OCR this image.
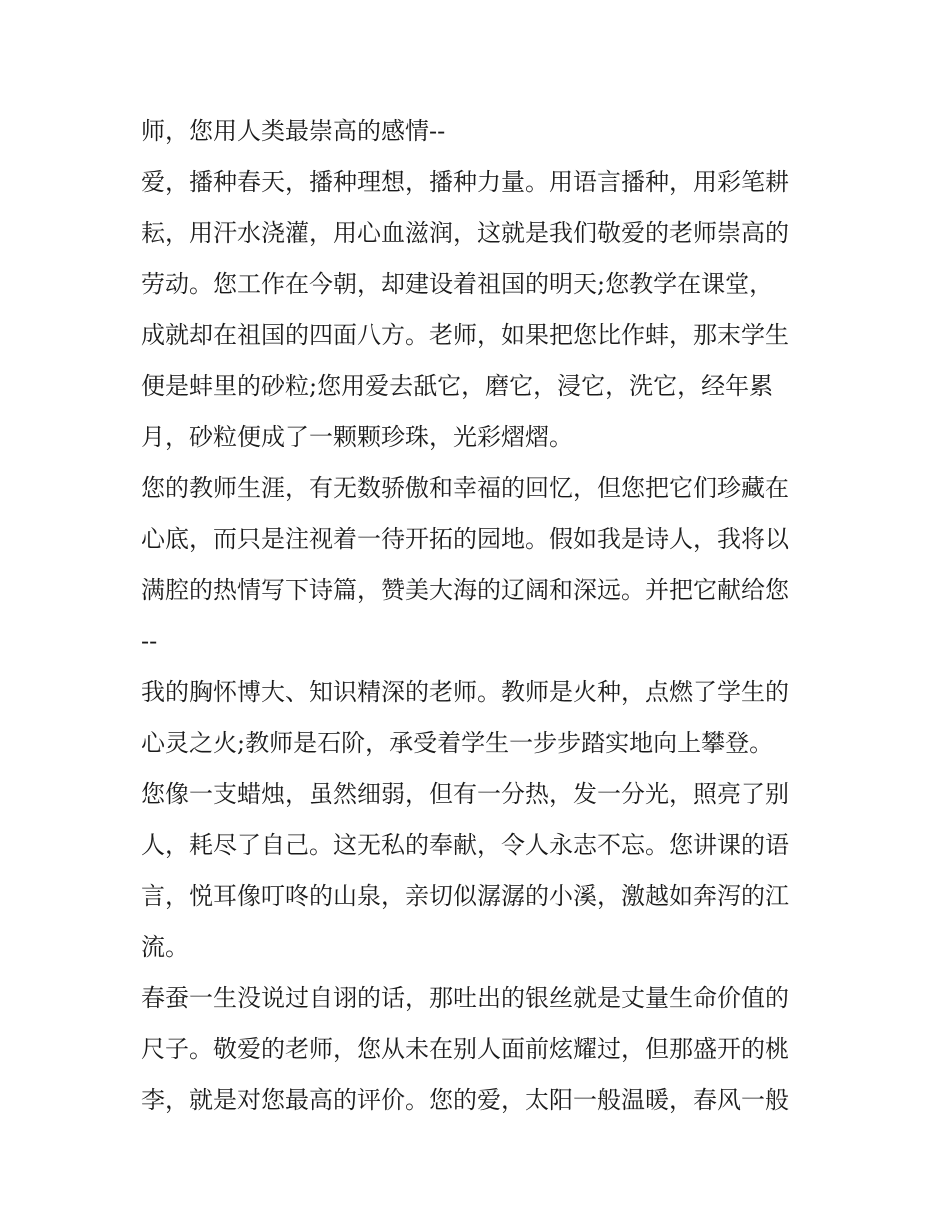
师，您用人类最崇高的感情--
爱，播种春天，播种理想，播种力量。用语言播种，用彩笔耕
耘，用汗水浇灌，用心血滋润，这就是我们敬爱的老师崇高的
劳动。您工作在今朝，却建设着祖国的明天;您教学在课堂，
成就却在祖国的四面八方。老师，如果把您比作蚌，那末学生
便是蚌里的砂粒;您用爱去舐它，磨它，浸它，洗它，经年累
月，砂粒便成了一颗颗珍珠，光彩熠熠。
您的教师生涯，有无数骄傲和幸福的回忆，但您把它们珍藏在
心底，而只是注视着一待开拓的园地。假如我是诗人，我将以
满腔的热情写下诗篇，赞美大海的辽阔和深远。并把它献给您
--
我的胸怀博大、知识精深的老师。教师是火种，点燃了学生的
心灵之火;教师是石阶，承受着学生一步步踏实地向上攀登。
您像一支蜡烛，虽然细弱，但有一分热，发一分光，照亮了别
人，耗尽了自己。这无私的奉献，令人永志不忘。您讲课的语
言，悦耳像叮咚的山泉，亲切似潺潺的小溪，激越如奔泻的江
流。
春蚕一生没说过自诩的话，那吐出的银丝就是丈量生命价值的
尺子。敬爱的老师，您从未在别人面前炫耀过，但那盛开的桃
李，就是对您最高的评价。您的爱，太阳一般温暖，春风一般
